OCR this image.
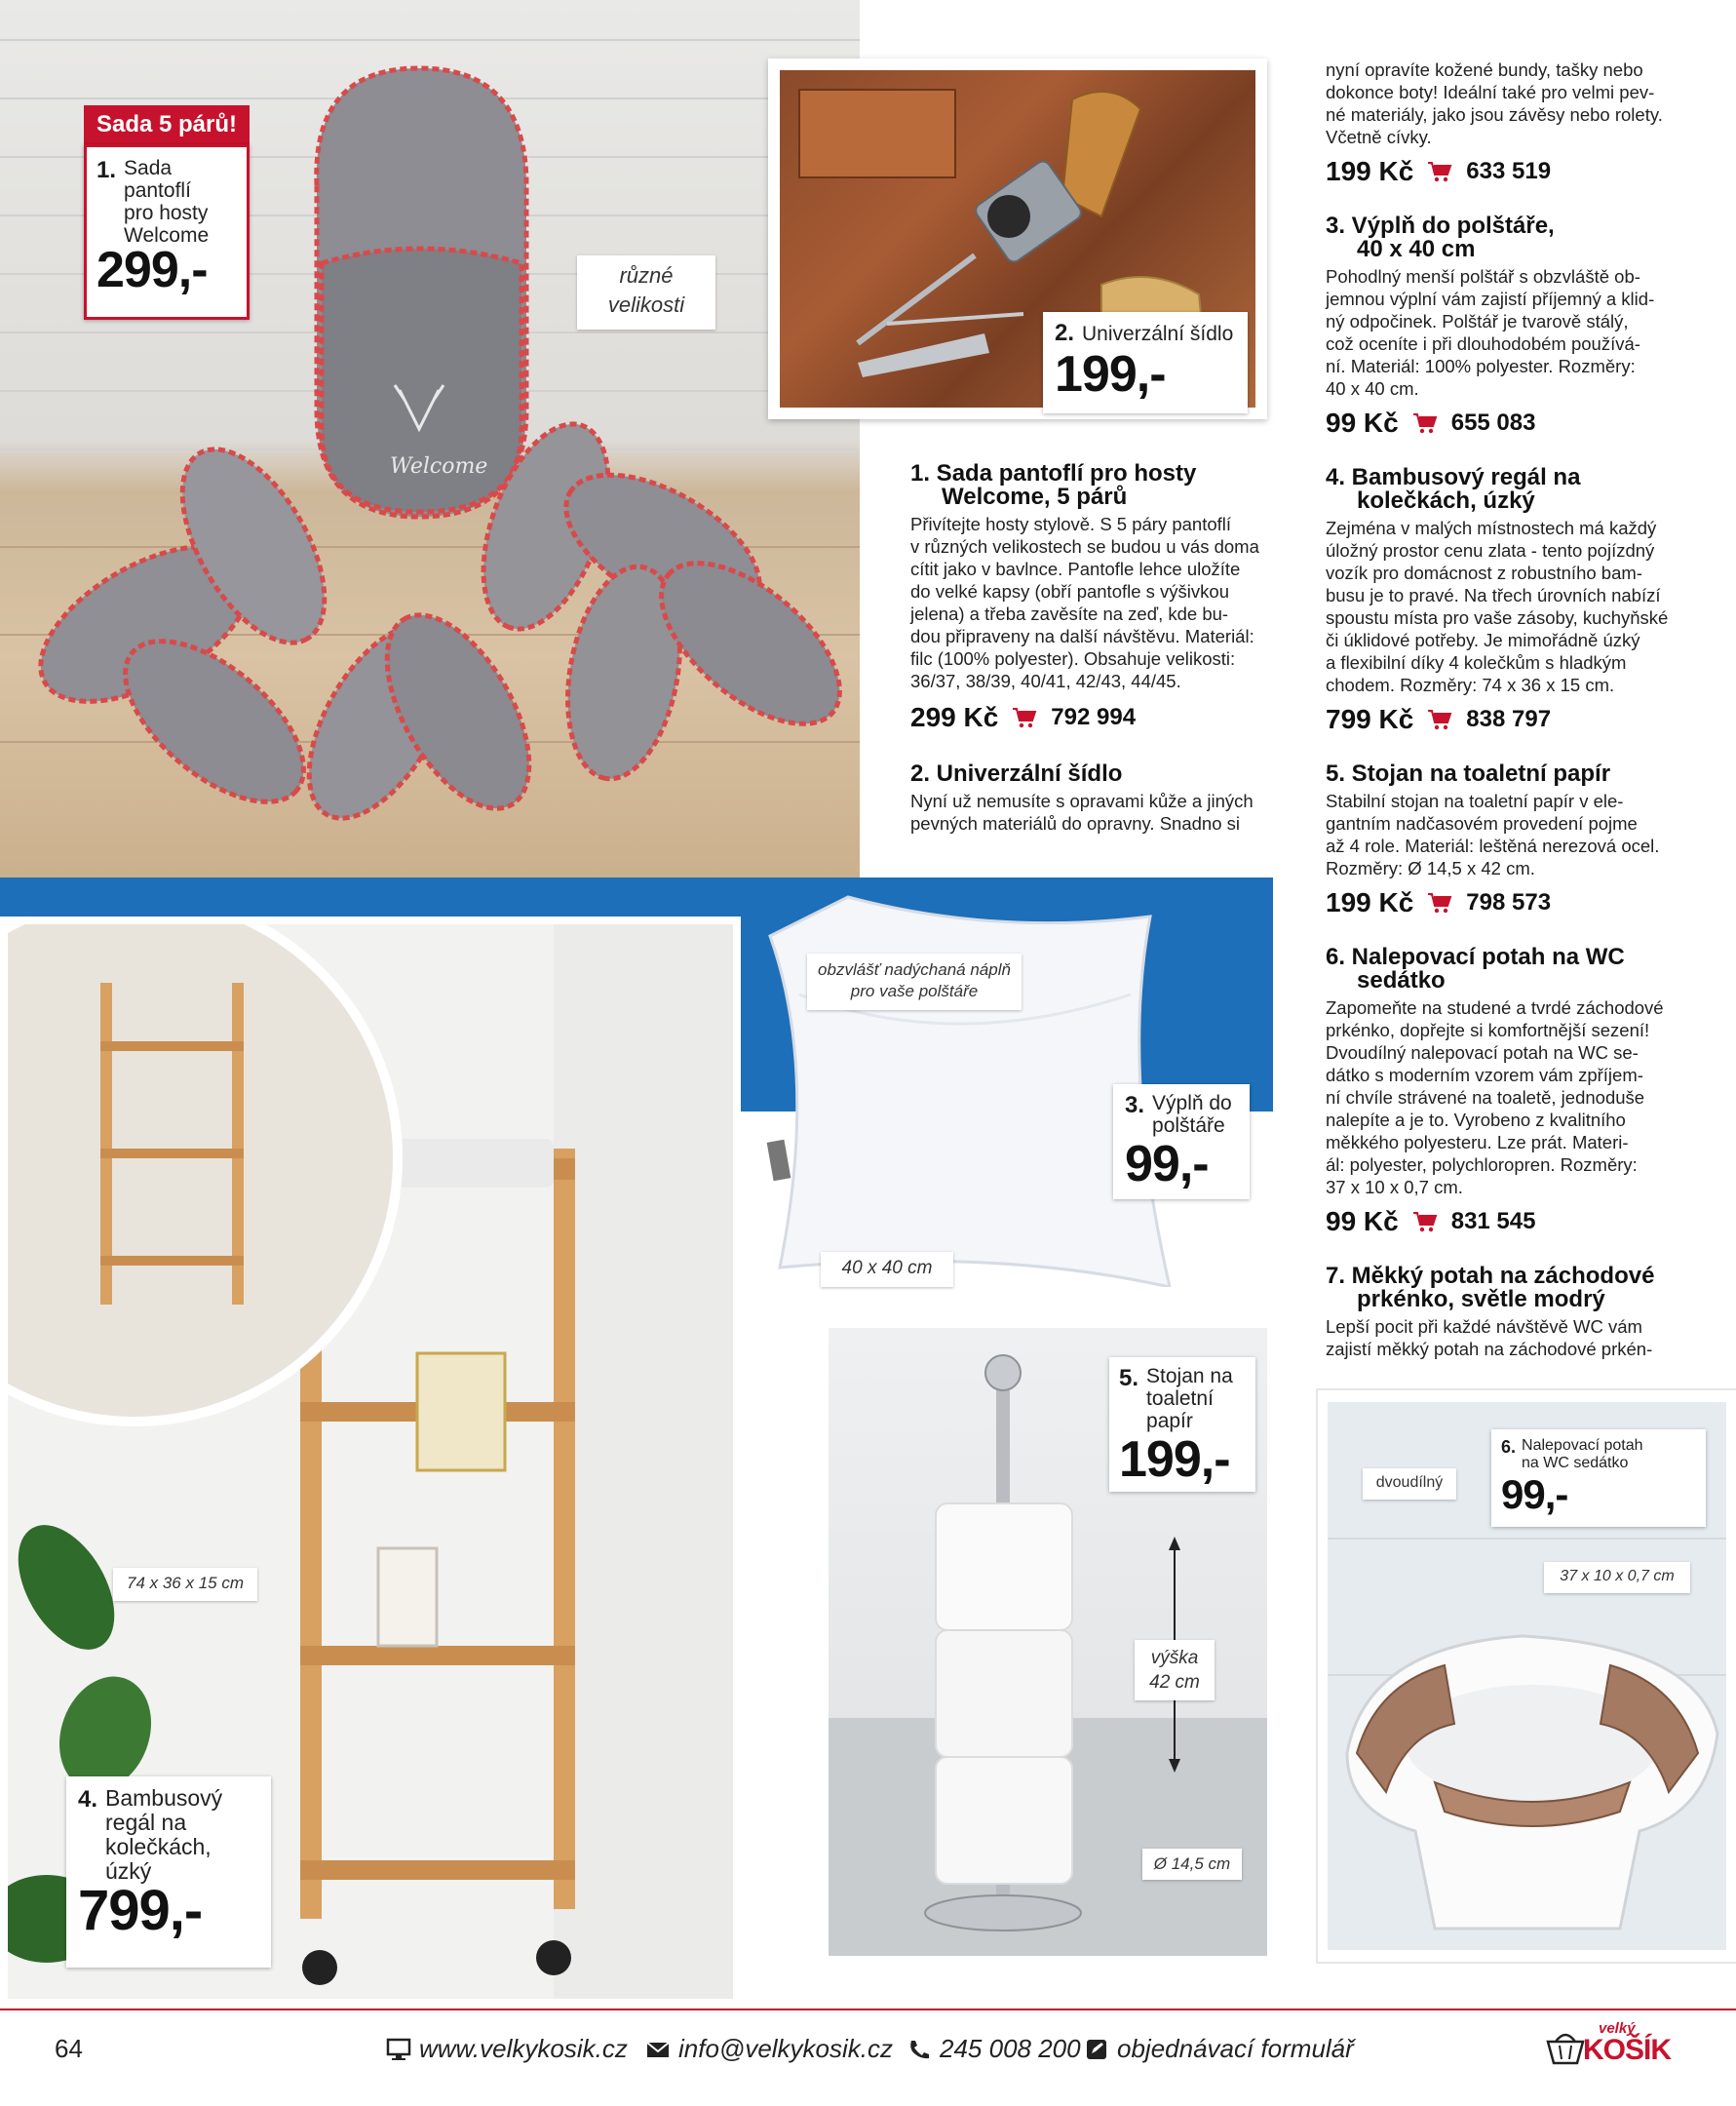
Welcome
Sada 5 párů!
1. Sada
pantoflí
pro hosty
Welcome
299,-	různé
velikosti
2. Univerzální šídlo
199,-
1. Sada pantoflí pro hosty
Welcome, 5 párů
Přivítejte hosty stylově. S 5 páry pantoflí
v různých velikostech se budou u vás doma
cítit jako v bavlnce. Pantofle lehce uložíte
do velké kapsy (obří pantofle s výšivkou
jelena) a třeba zavěsíte na zeď, kde bu-
dou připraveny na další návštěvu. Materiál:
filc (100% polyester). Obsahuje velikosti:
36/37, 38/39, 40/41, 42/43, 44/45.
299 Kč 792 994
2. Univerzální šídlo
Nyní už nemusíte s opravami kůže a jiných
pevných materiálů do opravny. Snadno si
obzvlášť nadýchaná náplň
pro vaše polštáře
40 x 40 cm
3. Výplň do
polštáře
99,-
74 x 36 x 15 cm
4. Bambusový
regál na
kolečkách,
úzký
799,-
5. Stojan na
toaletní
papír
199,-
výška
42 cm
Ø 14,5 cm
nyní opravíte kožené bundy, tašky nebo
dokonce boty! Ideální také pro velmi pev-
né materiály, jako jsou závěsy nebo rolety.
Včetně cívky.
199 Kč 633 519
3. Výplň do polštáře,
40 x 40 cm
Pohodlný menší polštář s obzvláště ob-
jemnou výplní vám zajistí příjemný a klid-
ný odpočinek. Polštář je tvarově stálý,
což oceníte i při dlouhodobém používá-
ní. Materiál: 100% polyester. Rozměry:
40 x 40 cm.
99 Kč 655 083
4. Bambusový regál na
kolečkách, úzký
Zejména v malých místnostech má každý
úložný prostor cenu zlata - tento pojízdný
vozík pro domácnost z robustního bam-
busu je to pravé. Na třech úrovních nabízí
spoustu místa pro vaše zásoby, kuchyňské
či úklidové potřeby. Je mimořádně úzký
a flexibilní díky 4 kolečkům s hladkým
chodem. Rozměry: 74 x 36 x 15 cm.
799 Kč 838 797
5. Stojan na toaletní papír
Stabilní stojan na toaletní papír v ele-
gantním nadčasovém provedení pojme
až 4 role. Materiál: leštěná nerezová ocel.
Rozměry: Ø 14,5 x 42 cm.
199 Kč 798 573
6. Nalepovací potah na WC
sedátko
Zapomeňte na studené a tvrdé záchodové
prkénko, dopřejte si komfortnější sezení!
Dvoudílný nalepovací potah na WC se-
dátko s moderním vzorem vám zpříjem-
ní chvíle strávené na toaletě, jednoduše
nalepíte a je to. Vyrobeno z kvalitního
měkkého polyesteru. Lze prát. Materi-
ál: polyester, polychloropren. Rozměry:
37 x 10 x 0,7 cm.
99 Kč 831 545
7. Měkký potah na záchodové
prkénko, světle modrý
Lepší pocit při každé návštěvě WC vám
zajistí měkký potah na záchodové prkén-
dvoudílný
6. Nalepovací potah
na WC sedátko
99,-
37 x 10 x 0,7 cm
64	www.velkykosik.cz info@velkykosik.cz 245 008 200 objednávací formulář
velký
KOŠÍK
